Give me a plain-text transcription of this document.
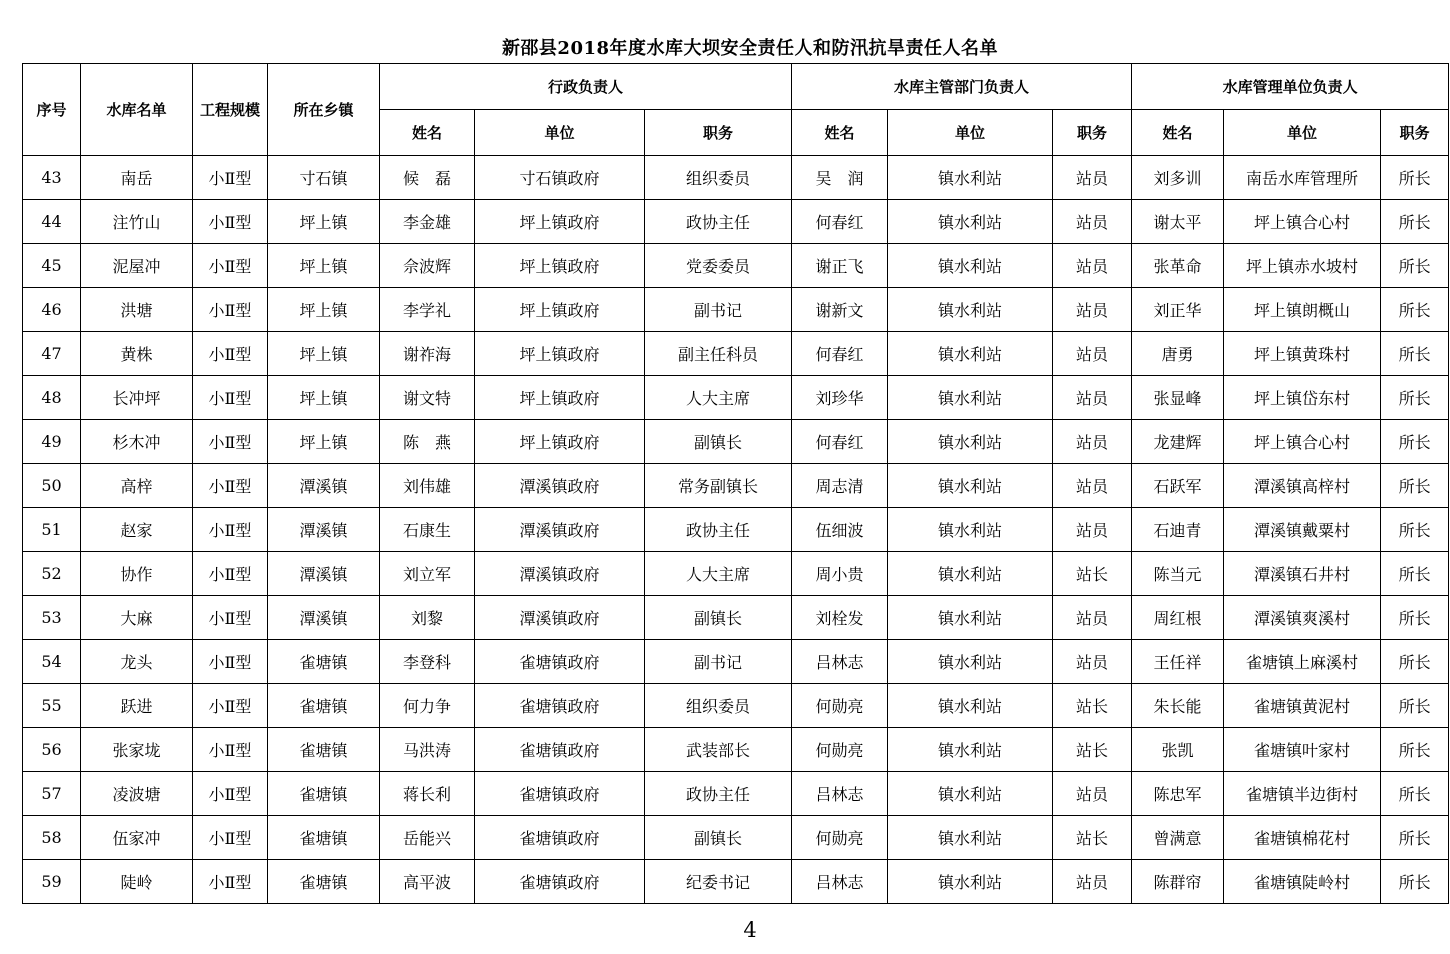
新邵县2018年度水库大坝安全责任人和防汛抗旱责任人名单
序号	水库名单	工程规模	所在乡镇	行政负责人			水库主管部门负责人			水库管理单位负责人		
				姓名	单位	职务	姓名	单位	职务	姓名	单位	职务
43	南岳	小Ⅱ型	寸石镇	候　磊	寸石镇政府	组织委员	吴　润	镇水利站	站员	刘多训	南岳水库管理所	所长
44	注竹山	小Ⅱ型	坪上镇	李金雄	坪上镇政府	政协主任	何春红	镇水利站	站员	谢太平	坪上镇合心村	所长
45	泥屋冲	小Ⅱ型	坪上镇	佘波辉	坪上镇政府	党委委员	谢正飞	镇水利站	站员	张革命	坪上镇赤水坡村	所长
46	洪塘	小Ⅱ型	坪上镇	李学礼	坪上镇政府	副书记	谢新文	镇水利站	站员	刘正华	坪上镇朗概山	所长
47	黄株	小Ⅱ型	坪上镇	谢祚海	坪上镇政府	副主任科员	何春红	镇水利站	站员	唐勇	坪上镇黄珠村	所长
48	长冲坪	小Ⅱ型	坪上镇	谢文特	坪上镇政府	人大主席	刘珍华	镇水利站	站员	张显峰	坪上镇岱东村	所长
49	杉木冲	小Ⅱ型	坪上镇	陈　燕	坪上镇政府	副镇长	何春红	镇水利站	站员	龙建辉	坪上镇合心村	所长
50	高梓	小Ⅱ型	潭溪镇	刘伟雄	潭溪镇政府	常务副镇长	周志清	镇水利站	站员	石跃军	潭溪镇高梓村	所长
51	赵家	小Ⅱ型	潭溪镇	石康生	潭溪镇政府	政协主任	伍细波	镇水利站	站员	石迪青	潭溪镇戴粟村	所长
52	协作	小Ⅱ型	潭溪镇	刘立军	潭溪镇政府	人大主席	周小贵	镇水利站	站长	陈当元	潭溪镇石井村	所长
53	大麻	小Ⅱ型	潭溪镇	刘黎	潭溪镇政府	副镇长	刘栓发	镇水利站	站员	周红根	潭溪镇爽溪村	所长
54	龙头	小Ⅱ型	雀塘镇	李登科	雀塘镇政府	副书记	吕林志	镇水利站	站员	王任祥	雀塘镇上麻溪村	所长
55	跃进	小Ⅱ型	雀塘镇	何力争	雀塘镇政府	组织委员	何勋亮	镇水利站	站长	朱长能	雀塘镇黄泥村	所长
56	张家垅	小Ⅱ型	雀塘镇	马洪涛	雀塘镇政府	武装部长	何勋亮	镇水利站	站长	张凯	雀塘镇叶家村	所长
57	凌波塘	小Ⅱ型	雀塘镇	蒋长利	雀塘镇政府	政协主任	吕林志	镇水利站	站员	陈忠军	雀塘镇半边街村	所长
58	伍家冲	小Ⅱ型	雀塘镇	岳能兴	雀塘镇政府	副镇长	何勋亮	镇水利站	站长	曾满意	雀塘镇棉花村	所长
59	陡岭	小Ⅱ型	雀塘镇	高平波	雀塘镇政府	纪委书记	吕林志	镇水利站	站员	陈群帘	雀塘镇陡岭村	所长
4
